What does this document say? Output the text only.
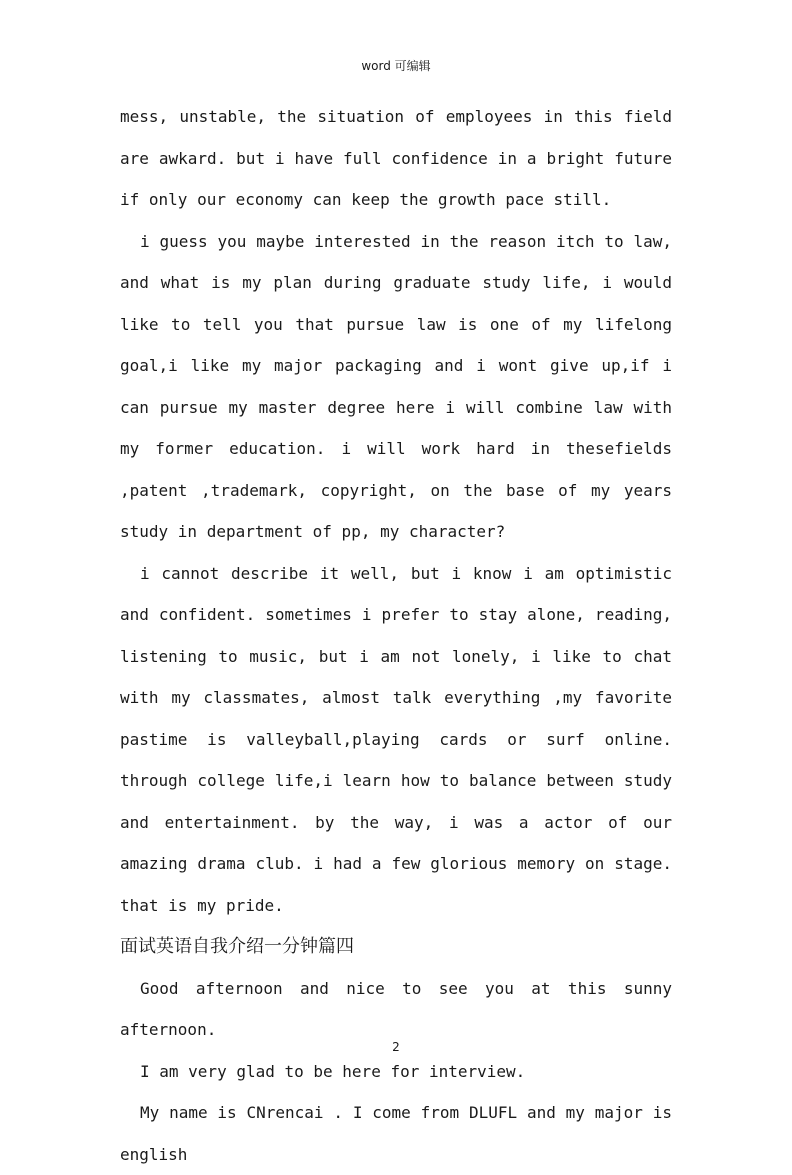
word 可编辑

mess, unstable, the situation of employees in this field are awkard. but i have full confidence in a bright future if only our economy can keep the growth pace still.

i guess you maybe interested in the reason itch to law, and what is my plan during graduate study life, i would like to tell you that pursue law is one of my lifelong goal,i like my major packaging and i wont give up,if i can pursue my master degree here i will combine law with my former education. i will work hard in thesefields ,patent ,trademark, copyright, on the base of my years study in department of pp, my character?

i cannot describe it well, but i know i am optimistic and confident. sometimes i prefer to stay alone, reading, listening to music, but i am not lonely, i like to chat with my classmates, almost talk everything ,my favorite pastime is valleyball,playing cards or surf online. through college life,i learn how to balance between study and entertainment. by the way, i was a actor of our amazing drama club. i had a few glorious memory on stage. that is my pride.

面试英语自我介绍一分钟篇四

Good afternoon and nice to see you at this sunny afternoon.

I am very glad to be here for interview.

My name is CNrencai . I come from DLUFL and my major is english

2
